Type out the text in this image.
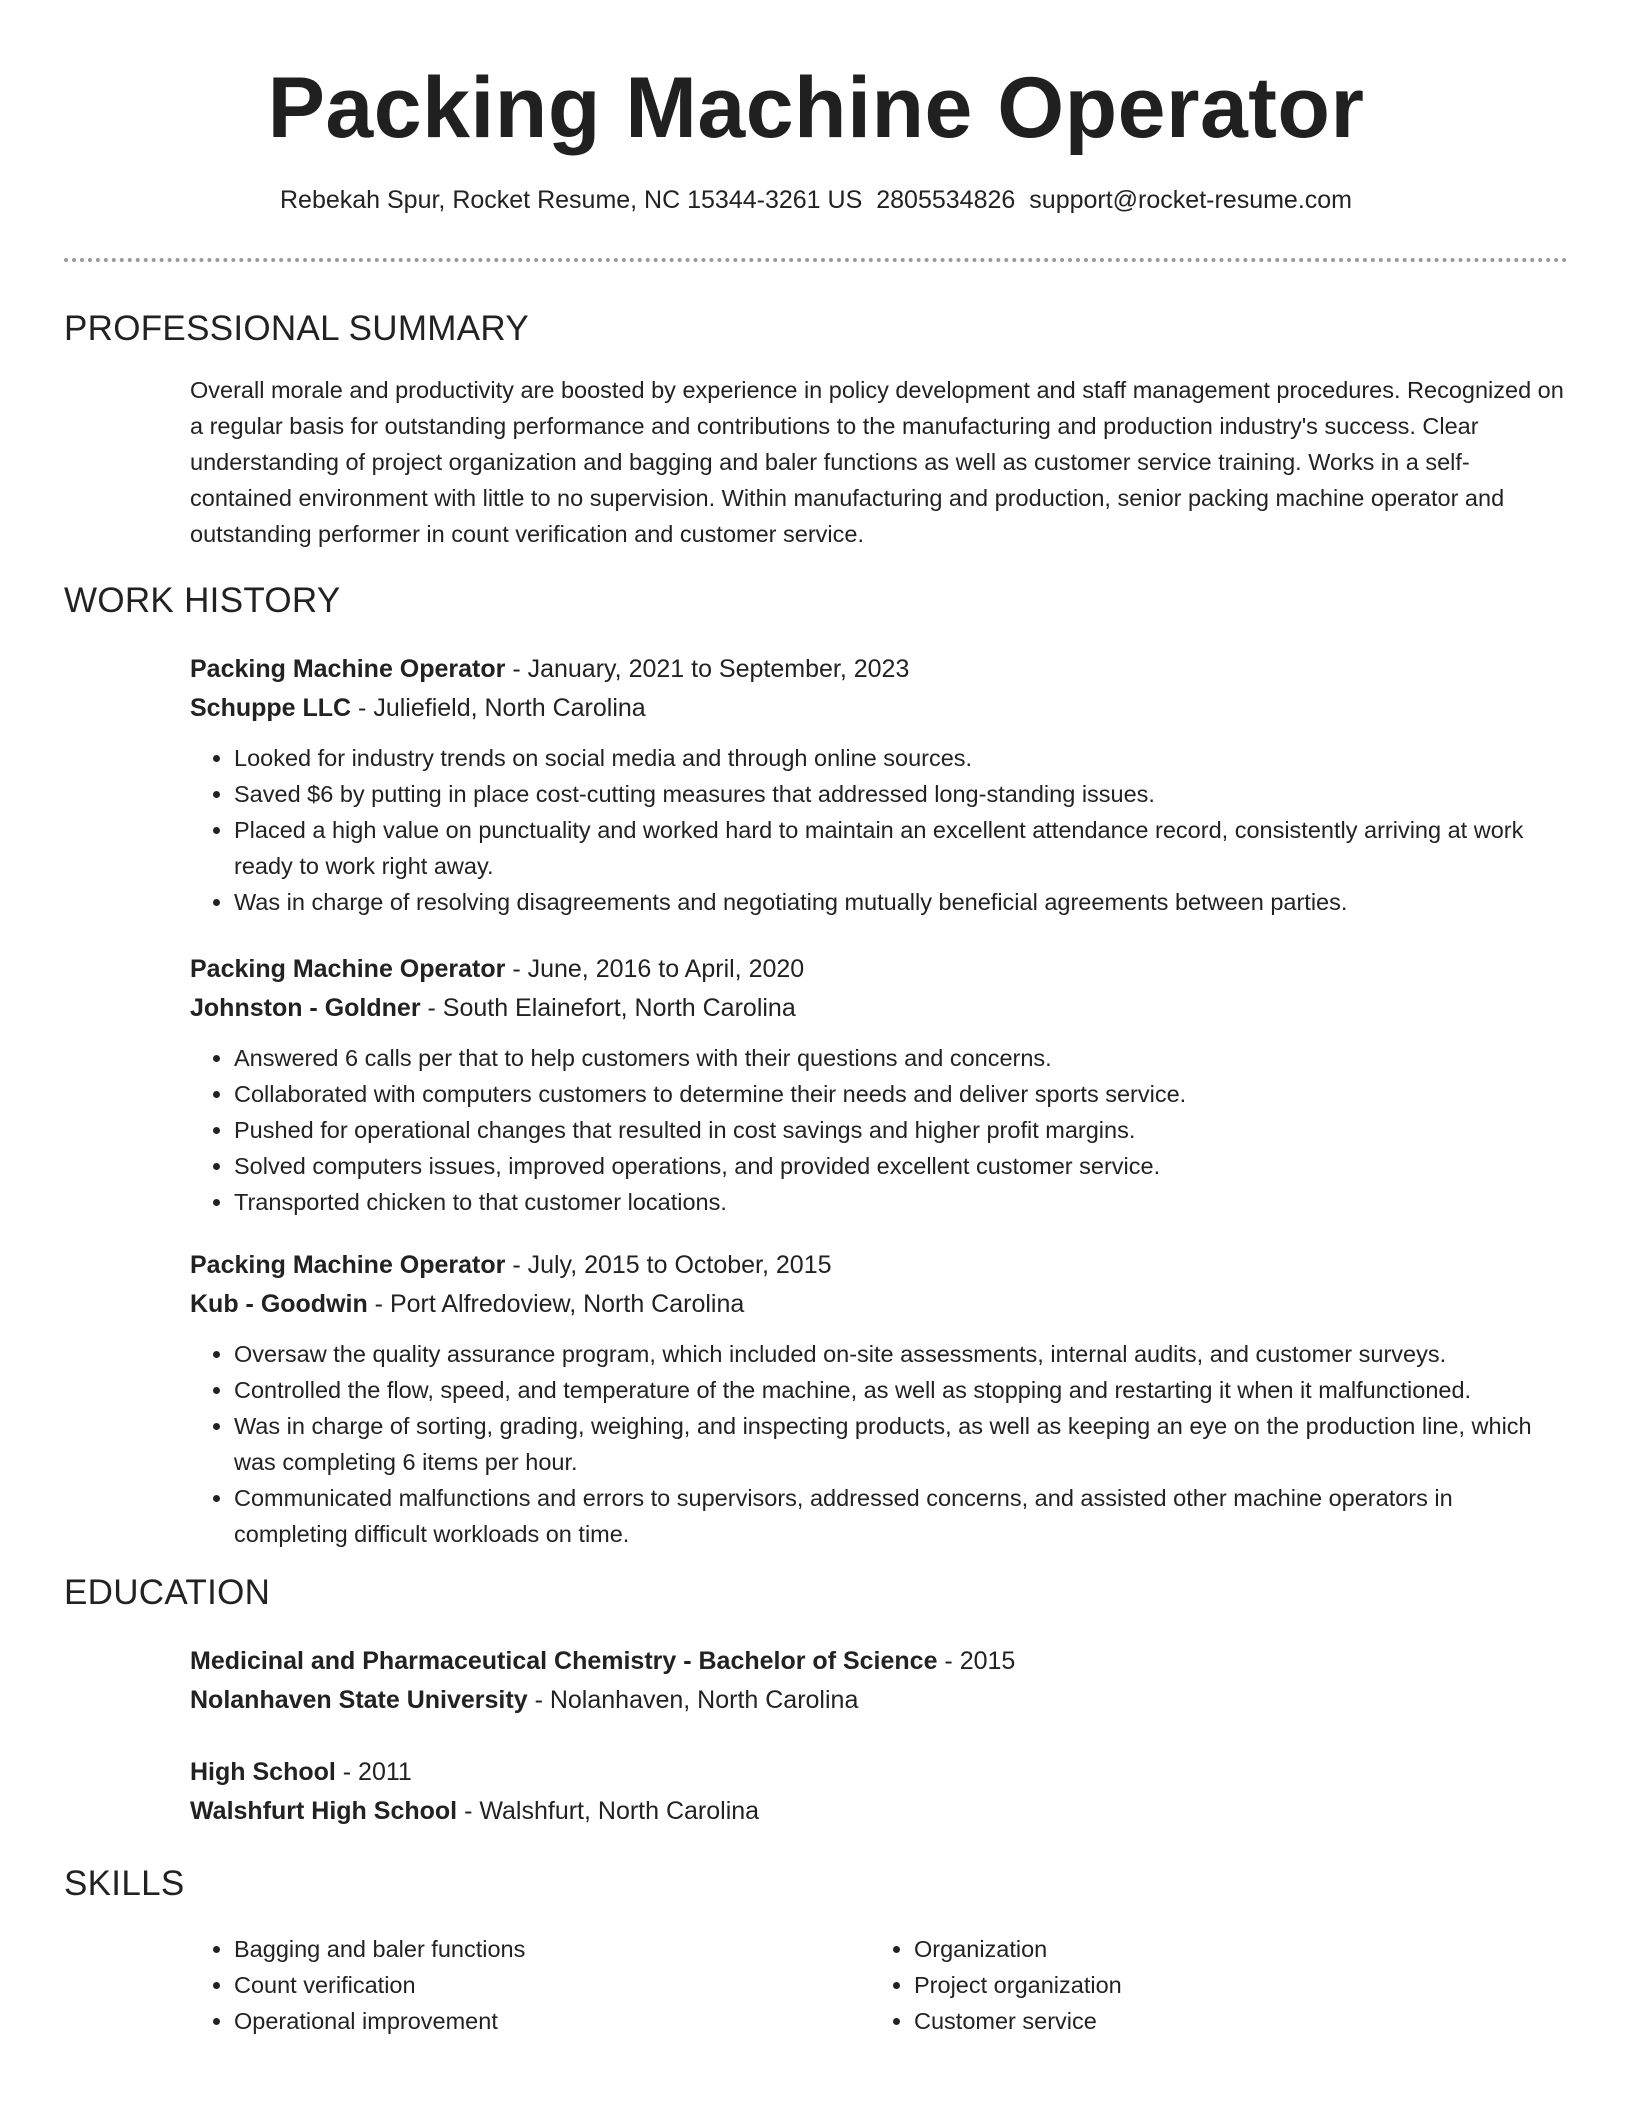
Packing Machine Operator
Rebekah Spur, Rocket Resume, NC 15344-3261 US 2805534826 support@rocket-resume.com
PROFESSIONAL SUMMARY
Overall morale and productivity are boosted by experience in policy development and staff management procedures. Recognized on a regular basis for outstanding performance and contributions to the manufacturing and production industry's success. Clear understanding of project organization and bagging and baler functions as well as customer service training. Works in a self-contained environment with little to no supervision. Within manufacturing and production, senior packing machine operator and outstanding performer in count verification and customer service.
WORK HISTORY
Packing Machine Operator - January, 2021 to September, 2023
Schuppe LLC - Juliefield, North Carolina
• Looked for industry trends on social media and through online sources.
• Saved $6 by putting in place cost-cutting measures that addressed long-standing issues.
• Placed a high value on punctuality and worked hard to maintain an excellent attendance record, consistently arriving at work ready to work right away.
• Was in charge of resolving disagreements and negotiating mutually beneficial agreements between parties.
Packing Machine Operator - June, 2016 to April, 2020
Johnston - Goldner - South Elainefort, North Carolina
• Answered 6 calls per that to help customers with their questions and concerns.
• Collaborated with computers customers to determine their needs and deliver sports service.
• Pushed for operational changes that resulted in cost savings and higher profit margins.
• Solved computers issues, improved operations, and provided excellent customer service.
• Transported chicken to that customer locations.
Packing Machine Operator - July, 2015 to October, 2015
Kub - Goodwin - Port Alfredoview, North Carolina
• Oversaw the quality assurance program, which included on-site assessments, internal audits, and customer surveys.
• Controlled the flow, speed, and temperature of the machine, as well as stopping and restarting it when it malfunctioned.
• Was in charge of sorting, grading, weighing, and inspecting products, as well as keeping an eye on the production line, which was completing 6 items per hour.
• Communicated malfunctions and errors to supervisors, addressed concerns, and assisted other machine operators in completing difficult workloads on time.
EDUCATION
Medicinal and Pharmaceutical Chemistry - Bachelor of Science - 2015
Nolanhaven State University - Nolanhaven, North Carolina
High School - 2011
Walshfurt High School - Walshfurt, North Carolina
SKILLS
• Bagging and baler functions
• Count verification
• Operational improvement
• Organization
• Project organization
• Customer service
